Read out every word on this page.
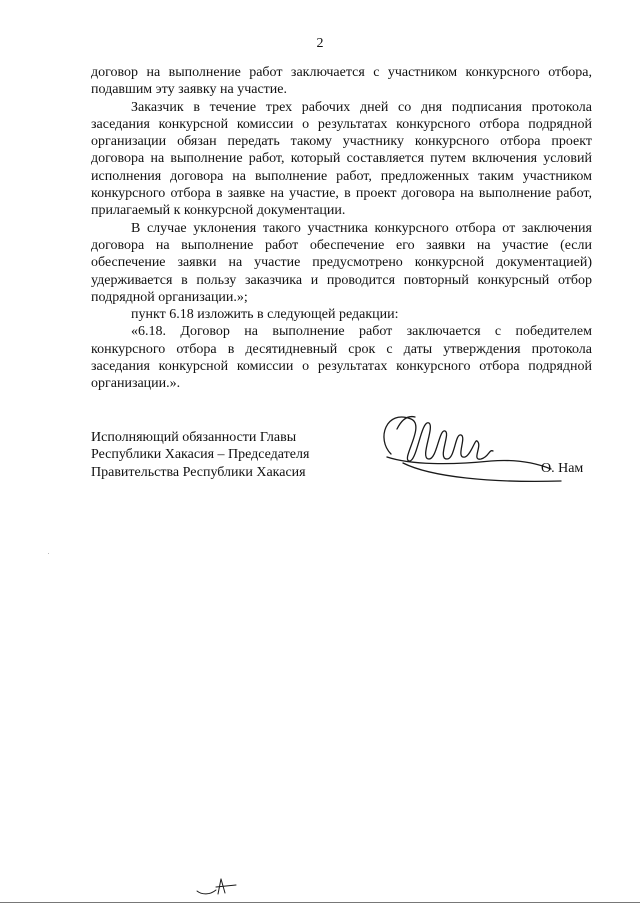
2

договор на выполнение работ заключается с участником конкурсного отбора, подавшим эту заявку на участие.

Заказчик в течение трех рабочих дней со дня подписания протокола заседания конкурсной комиссии о результатах конкурсного отбора подрядной организации обязан передать такому участнику конкурсного отбора проект договора на выполнение работ, который составляется путем включения условий исполнения договора на выполнение работ, предложенных таким участником конкурсного отбора в заявке на участие, в проект договора на выполнение работ, прилагаемый к конкурсной документации.

В случае уклонения такого участника конкурсного отбора от заключения договора на выполнение работ обеспечение его заявки на участие (если обеспечение заявки на участие предусмотрено конкурсной документацией) удерживается в пользу заказчика и проводится повторный конкурсный отбор подрядной организации.»;

пункт 6.18 изложить в следующей редакции:

«6.18. Договор на выполнение работ заключается с победителем конкурсного отбора в десятидневный срок с даты утверждения протокола заседания конкурсной комиссии о результатах конкурсного отбора подрядной организации.».

Исполняющий обязанности Главы
Республики Хакасия – Председателя
Правительства Республики Хакасия	О. Нам
